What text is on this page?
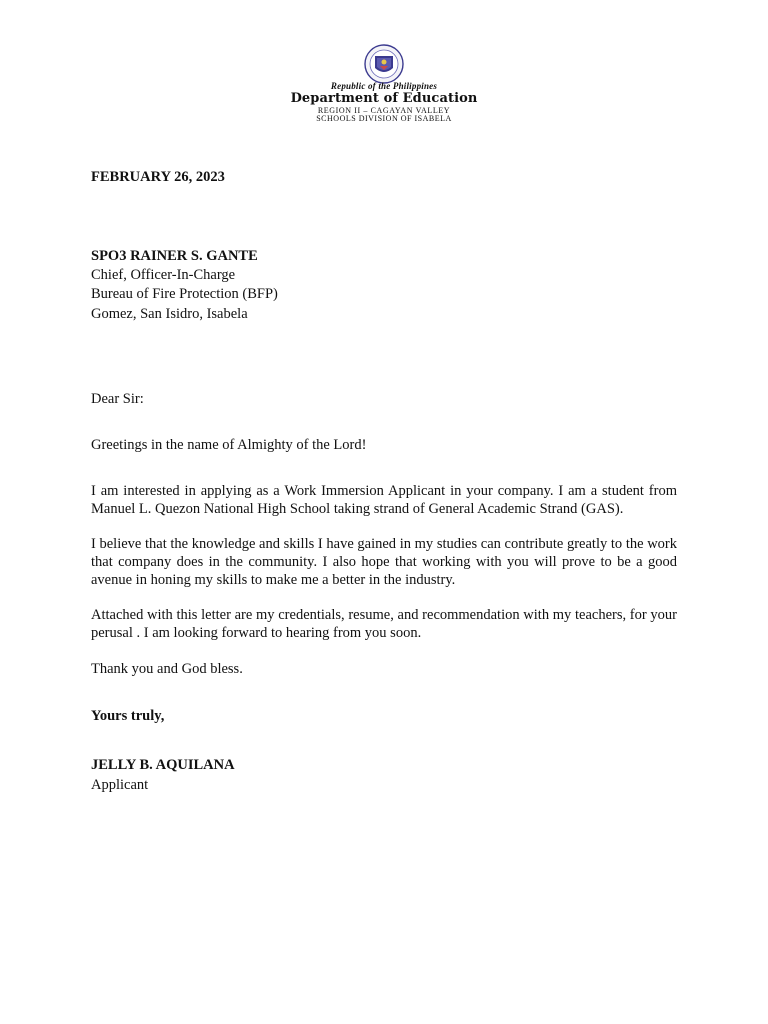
Republic of the Philippines
Department of Education
REGION II – CAGAYAN VALLEY
SCHOOLS DIVISION OF ISABELA
FEBRUARY 26, 2023
SPO3 RAINER S. GANTE
Chief, Officer-In-Charge
Bureau of Fire Protection (BFP)
Gomez, San Isidro, Isabela
Dear Sir:
Greetings in the name of Almighty of the Lord!
I am interested in applying as a Work Immersion Applicant in your company. I am a student from Manuel L. Quezon National High School taking strand of General Academic Strand (GAS).
I believe that the knowledge and skills I have gained in my studies can contribute greatly to the work that company does in the community. I also hope that working with you will prove to be a good avenue in honing my skills to make me a better in the industry.
Attached with this letter are my credentials, resume, and recommendation with my teachers, for your perusal . I am looking forward to hearing from you soon.
Thank you and God bless.
Yours truly,
JELLY B. AQUILANA
Applicant
